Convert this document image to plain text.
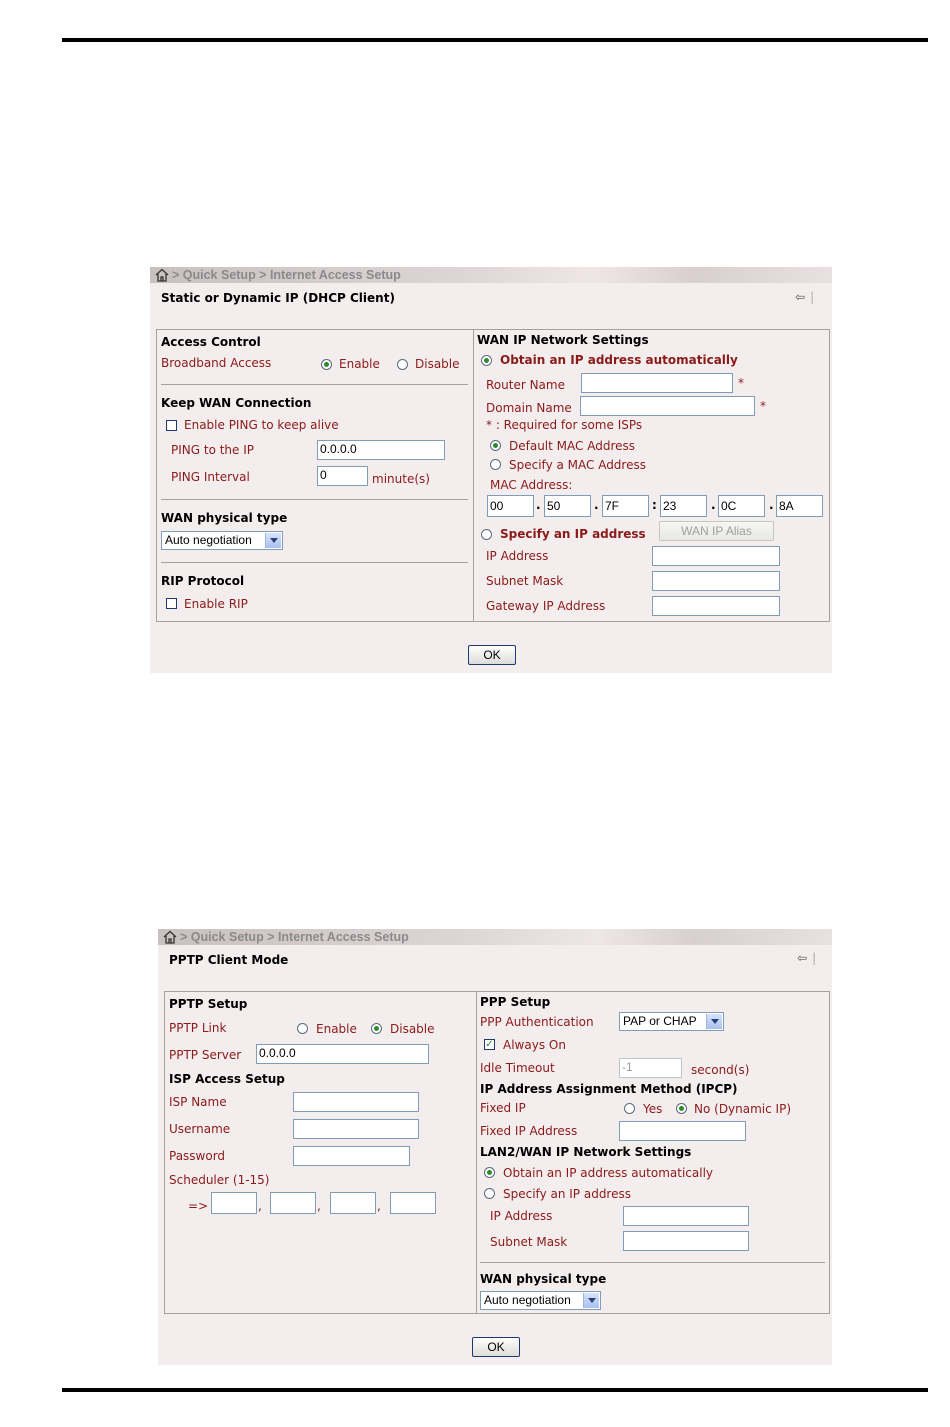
> Quick Setup > Internet Access Setup
Static or Dynamic IP (DHCP Client)	⇦ |
Access Control
Broadband Access	Enable	Disable
Keep WAN Connection
Enable PING to keep alive
PING to the IP	0.0.0.0
PING Interval	0	minute(s)
WAN physical type
Auto negotiation
RIP Protocol
Enable RIP
WAN IP Network Settings
Obtain an IP address automatically
Router Name	*
Domain Name	*
* : Required for some ISPs
Default MAC Address
Specify a MAC Address
MAC Address:
00	. 50	. 7F	: 23	. 0C	. 8A
Specify an IP address	WAN IP Alias
IP Address
Subnet Mask
Gateway IP Address
OK
> Quick Setup > Internet Access Setup
PPTP Client Mode	⇦ |
PPTP Setup
PPTP Link	Enable	Disable
PPTP Server 0.0.0.0
ISP Access Setup
ISP Name
Username
Password
Scheduler (1-15)
=>	,	,	,
PPP Setup
PPP Authentication	PAP or CHAP
✓ Always On
Idle Timeout	-1	second(s)
IP Address Assignment Method (IPCP)
Fixed IP	Yes	No (Dynamic IP)
Fixed IP Address
LAN2/WAN IP Network Settings
Obtain an IP address automatically
Specify an IP address
IP Address
Subnet Mask
WAN physical type
Auto negotiation
OK
